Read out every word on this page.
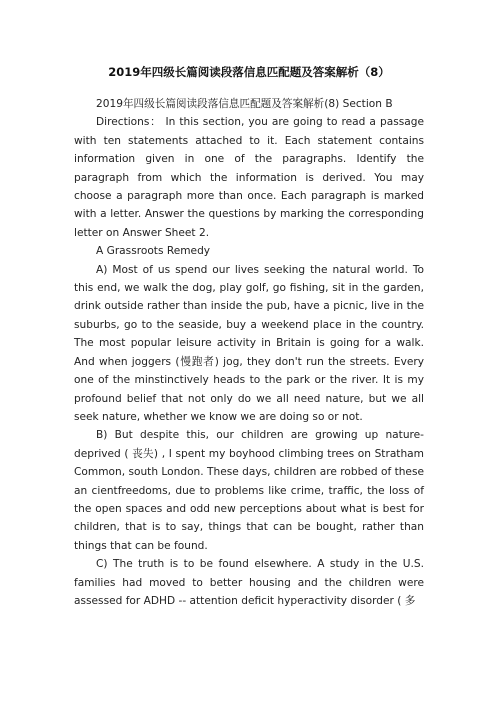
2019年四级长篇阅读段落信息匹配题及答案解析（8）

2019年四级长篇阅读段落信息匹配题及答案解析(8) Section B

Directions： In this section, you are going to read a passage with ten statements attached to it. Each statement contains information given in one of the paragraphs. Identify the paragraph from which the information is derived. You may choose a paragraph more than once. Each paragraph is marked with a letter. Answer the questions by marking the corresponding letter on Answer Sheet 2.

A Grassroots Remedy

A) Most of us spend our lives seeking the natural world. To this end, we walk the dog, play golf, go fishing, sit in the garden, drink outside rather than inside the pub, have a picnic, live in the suburbs, go to the seaside, buy a weekend place in the country. The most popular leisure activity in Britain is going for a walk. And when joggers (慢跑者) jog, they don't run the streets. Every one of the minstinctively heads to the park or the river. It is my profound belief that not only do we all need nature, but we all seek nature, whether we know we are doing so or not.

B) But despite this, our children are growing up nature-deprived ( 丧失) , I spent my boyhood climbing trees on Stratham Common, south London. These days, children are robbed of these an cientfreedoms, due to problems like crime, traffic, the loss of the open spaces and odd new perceptions about what is best for children, that is to say, things that can be bought, rather than things that can be found.

C) The truth is to be found elsewhere. A study in the U.S. families had moved to better housing and the children were assessed for ADHD -- attention deficit hyperactivity disorder ( 多
